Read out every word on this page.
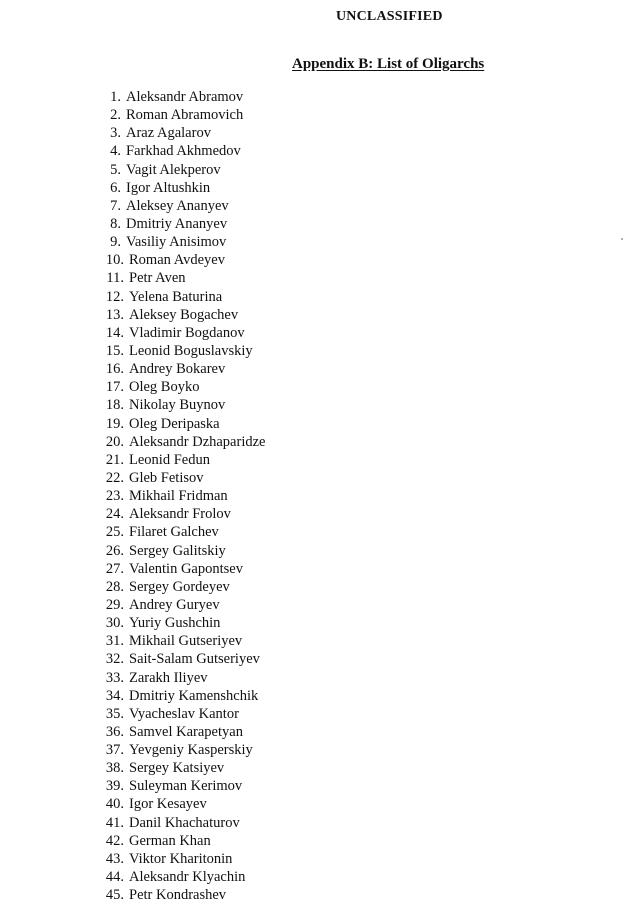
UNCLASSIFIED
Appendix B: List of Oligarchs
1. Aleksandr Abramov
2. Roman Abramovich
3. Araz Agalarov
4. Farkhad Akhmedov
5. Vagit Alekperov
6. Igor Altushkin
7. Aleksey Ananyev
8. Dmitriy Ananyev
9. Vasiliy Anisimov
10. Roman Avdeyev
11. Petr Aven
12. Yelena Baturina
13. Aleksey Bogachev
14. Vladimir Bogdanov
15. Leonid Boguslavskiy
16. Andrey Bokarev
17. Oleg Boyko
18. Nikolay Buynov
19. Oleg Deripaska
20. Aleksandr Dzhaparidze
21. Leonid Fedun
22. Gleb Fetisov
23. Mikhail Fridman
24. Aleksandr Frolov
25. Filaret Galchev
26. Sergey Galitskiy
27. Valentin Gapontsev
28. Sergey Gordeyev
29. Andrey Guryev
30. Yuriy Gushchin
31. Mikhail Gutseriyev
32. Sait-Salam Gutseriyev
33. Zarakh Iliyev
34. Dmitriy Kamenshchik
35. Vyacheslav Kantor
36. Samvel Karapetyan
37. Yevgeniy Kasperskiy
38. Sergey Katsiyev
39. Suleyman Kerimov
40. Igor Kesayev
41. Danil Khachaturov
42. German Khan
43. Viktor Kharitonin
44. Aleksandr Klyachin
45. Petr Kondrashev
